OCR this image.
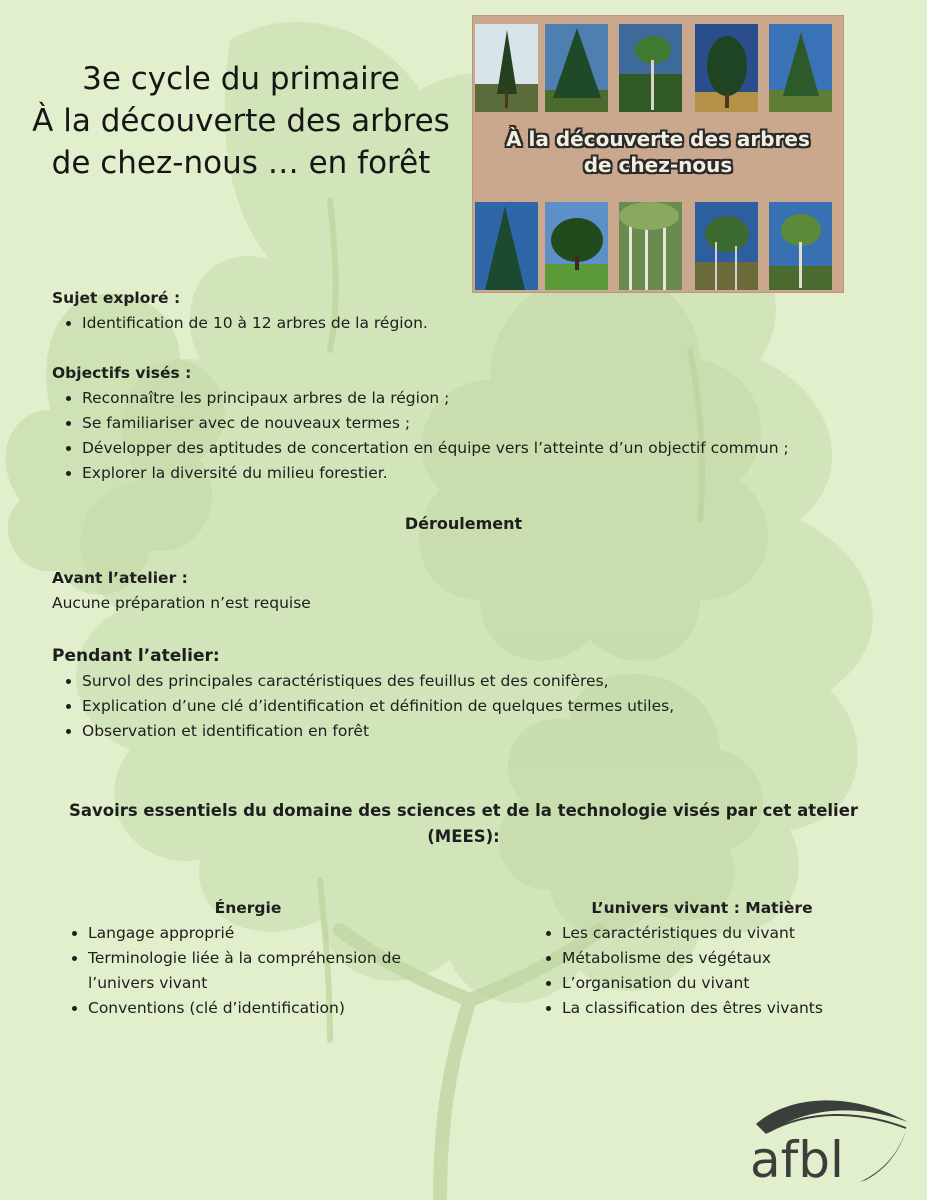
3e cycle du primaire
À la découverte des arbres
de chez-nous … en forêt
À la découverte des arbres
de chez-nous

Sujet exploré :

• Identification de 10 à 12 arbres de la région.

Objectifs visés :

• Reconnaître les principaux arbres de la région ;
• Se familiariser avec de nouveaux termes ;
• Développer des aptitudes de concertation en équipe vers l’atteinte d’un objectif commun ;
• Explorer la diversité du milieu forestier.
Déroulement

Avant l’atelier :

Aucune préparation n’est requise

Pendant l’atelier:

• Survol des principales caractéristiques des feuillus et des conifères,
• Explication d’une clé d’identification et définition de quelques termes utiles,
• Observation et identification en forêt
Savoirs essentiels du domaine des sciences et de la technologie visés par cet atelier
(MEES):
Énergie
• Langage approprié
• Terminologie liée à la compréhension de l’univers vivant
• Conventions (clé d’identification)
L’univers vivant : Matière
• Les caractéristiques du vivant
• Métabolisme des végétaux
• L’organisation du vivant
• La classification des êtres vivants
afbl
